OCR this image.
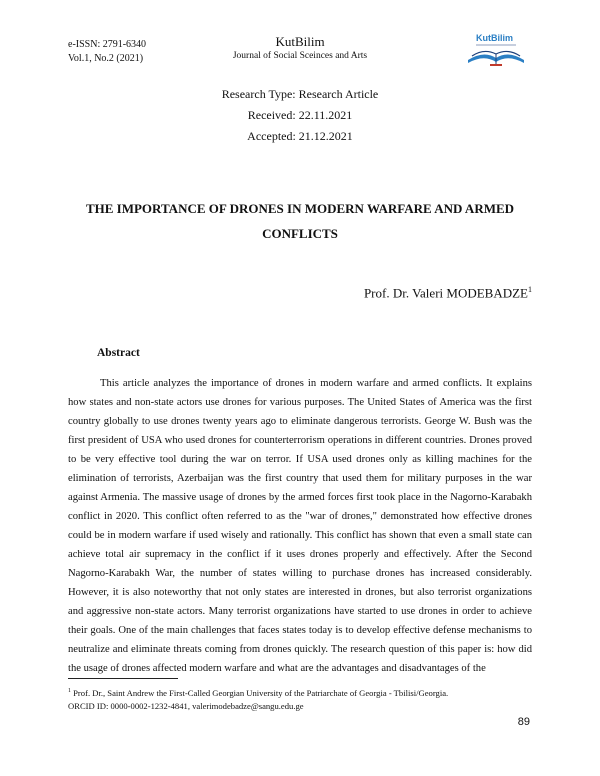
e-ISSN: 2791-6340
Vol.1, No.2 (2021)
KutBilim
Journal of Social Sceinces and Arts
KutBilim
Research Type: Research Article
Received: 22.11.2021
Accepted: 21.12.2021
THE IMPORTANCE OF DRONES IN MODERN WARFARE AND ARMED CONFLICTS
Prof. Dr. Valeri MODEBADZE$^1$
Abstract

This article analyzes the importance of drones in modern warfare and armed conflicts. It explains how states and non-state actors use drones for various purposes. The United States of America was the first country globally to use drones twenty years ago to eliminate dangerous terrorists. George W. Bush was the first president of USA who used drones for counterterrorism operations in different countries. Drones proved to be very effective tool during the war on terror. If USA used drones only as killing machines for the elimination of terrorists, Azerbaijan was the first country that used them for military purposes in the war against Armenia. The massive usage of drones by the armed forces first took place in the Nagorno-Karabakh conflict in 2020. This conflict often referred to as the "war of drones," demonstrated how effective drones could be in modern warfare if used wisely and rationally. This conflict has shown that even a small state can achieve total air supremacy in the conflict if it uses drones properly and effectively. After the Second Nagorno-Karabakh War, the number of states willing to purchase drones has increased considerably. However, it is also noteworthy that not only states are interested in drones, but also terrorist organizations and aggressive non-state actors. Many terrorist organizations have started to use drones in order to achieve their goals. One of the main challenges that faces states today is to develop effective defense mechanisms to neutralize and eliminate threats coming from drones quickly. The research question of this paper is: how did the usage of drones affected modern warfare and what are the advantages and disadvantages of the

$^1$ Prof. Dr., Saint Andrew the First-Called Georgian University of the Patriarchate of Georgia - Tbilisi/Georgia.
ORCID ID: 0000-0002-1232-4841, valerimodebadze@sangu.edu.ge
89
